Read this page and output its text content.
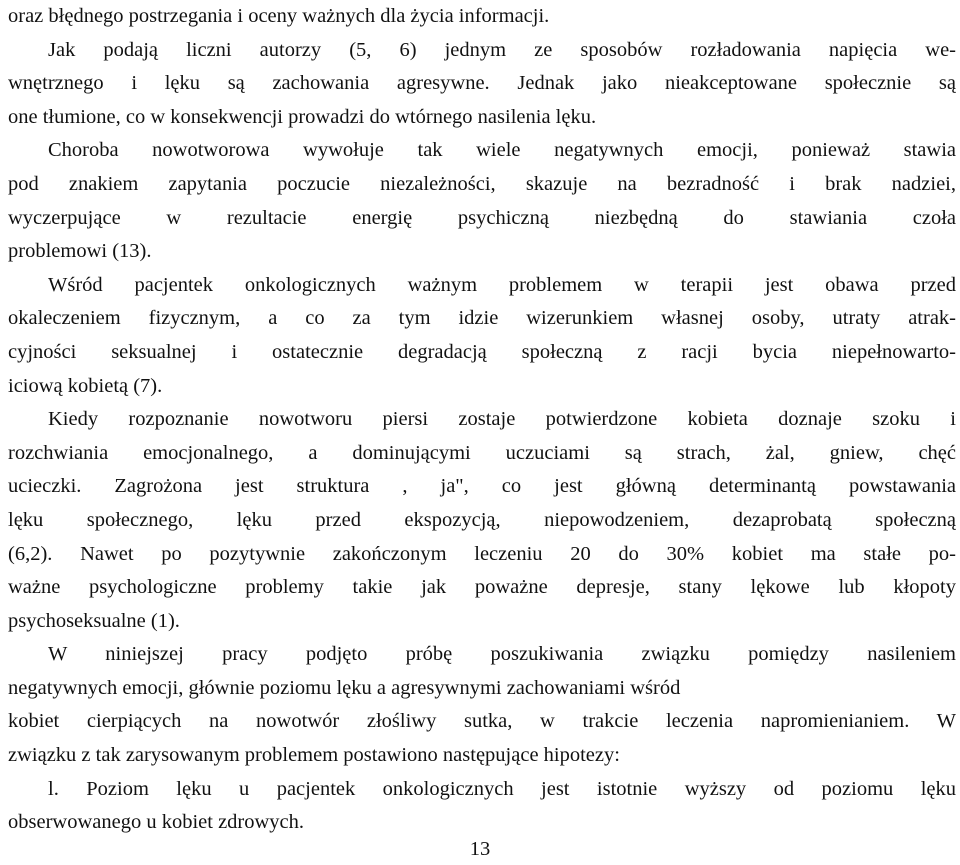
oraz błędnego postrzegania i oceny ważnych dla życia informacji.
Jak podają liczni autorzy (5, 6) jednym ze sposobów rozładowania napięcia we-
wnętrznego i lęku są zachowania agresywne. Jednak jako nieakceptowane społecznie są
one tłumione, co w konsekwencji prowadzi do wtórnego nasilenia lęku.
Choroba nowotworowa wywołuje tak wiele negatywnych emocji, ponieważ stawia
pod znakiem zapytania poczucie niezależności, skazuje na bezradność i brak nadziei,
wyczerpujące w rezultacie energię psychiczną niezbędną do stawiania czoła
problemowi (13).
Wśród pacjentek onkologicznych ważnym problemem w terapii jest obawa przed
okaleczeniem fizycznym, a co za tym idzie wizerunkiem własnej osoby, utraty atrak-
cyjności seksualnej i ostatecznie degradacją społeczną z racji bycia niepełnowarto-
iciową kobietą (7).
Kiedy rozpoznanie nowotworu piersi zostaje potwierdzone kobieta doznaje szoku i
rozchwiania emocjonalnego, a dominującymi uczuciami są strach, żal, gniew, chęć
ucieczki. Zagrożona jest struktura , ja", co jest główną determinantą powstawania
lęku społecznego, lęku przed ekspozycją, niepowodzeniem, dezaprobatą społeczną
(6,2). Nawet po pozytywnie zakończonym leczeniu 20 do 30% kobiet ma stałe po-
ważne psychologiczne problemy takie jak poważne depresje, stany lękowe lub kłopoty
psychoseksualne (1).
W niniejszej pracy podjęto próbę poszukiwania związku pomiędzy nasileniem
negatywnych emocji, głównie poziomu lęku a agresywnymi zachowaniami wśród
kobiet cierpiących na nowotwór złośliwy sutka, w trakcie leczenia napromienianiem. W
związku z tak zarysowanym problemem postawiono następujące hipotezy:
l. Poziom lęku u pacjentek onkologicznych jest istotnie wyższy od poziomu lęku
obserwowanego u kobiet zdrowych.
13
